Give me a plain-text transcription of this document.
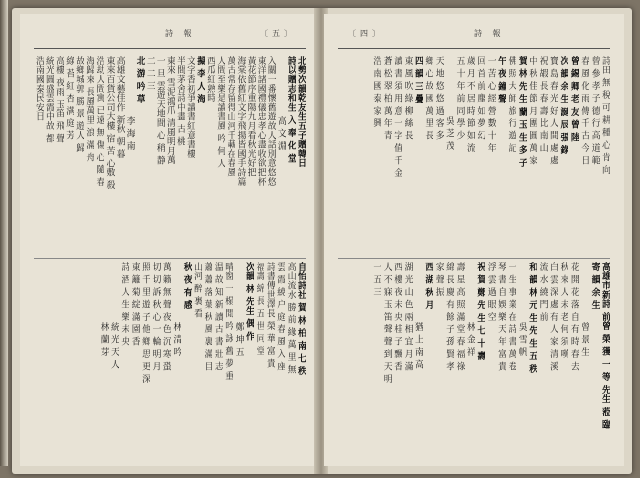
〔五〕
詩 報
北勢次韻乾友生五子贈韓日
詩以贈志和生 入 奉 化 堂
高 文 淵
入關一番懷舊遊故人話別意悠悠
東洋諸國禮儀忠孝心盡收欲把杯
黃花節序重陽九月看秋光好把
海棠依舊紅文字飛揚皆國手詩篇
萬古常存留得山河千載在春風
人間至樂是讀書風 吟 何 人
西瓜紅熟時
擬 李 人 海
文字香初爭讀書紅意書樓
半間茅舍詩中畫 古 桃
東來 雪泥鴻爪 清風明月萬
一 旦 雲遊天地間 心 稍 静
二 二 三
北 游 吟 草
李 海 南
高雄文藝佳作 新秋 朝 暮
東來百貨公司大樓 宿 苦 心敷 殺
浩劫人間寓 已遠 無 傷 心 隨 春
海歸來 長風萬里 浪 滿 舟
故鄉城郭 勝 景 遊人 歸
綠 苔 紅 杏 满 庭 芳
高樓 夜雨 玉笛 飛 聲
統光圓盛雲霞中故 都
浩南國泰民安日
自怡詩社 賀 林 柏 南 七 秩
高山流水 勝 前 緣 萬 里 無
雲 霞 繞 户 庭 春 風 入 座
詩書傳世澤長 榮 華 富 貴
福壽 綿 長 五 世 同 堂
次韻 林 先生 偶 作
鄭 坤 五
晴窗 一 榻 閒 吟 詠 舊 夢 重
温 故 知 新 讀 古 書 壯 志
蕭 蕭 落 葉 秋 風 裏 滿 目
山河 醉 裏 看
秋 夜 有 感
林 清 吟
萬 籟 無 聲 夜 色 沉 寒 蛩
切 切 訴 秋 心 一 輪 明 月
照 千 里 遊 子 他 鄉 思 更 深
東 籬 菊 綻 滿 園 香
詩 酒 人 生 樂 未 央
統 光 天 人
林 蘭 芽
〔四〕	詩 報
詩田 無 稅 可 耕 種 心 肯 向
曾 參 孝 子 德 行 高 道 範
春 風 化 雨 傳 千 古 今 日
曾 錫 卿 老 友 曾 陸
次 韻 余 生 誕 辰 張 錄
寶 島 春 光 好 人 間 處 處
祝 嘏 長 春 壽 比 南 山
中 秋 佳 節 月 團 圓 萬 家
賀 林 先 生 蘭 玉 生 多 子
佛 照 大 師 旅 行 遊 記
午 夜 鐘 聲
一 苦 心 經 營 數 十 年
回 首 前 塵 如 夢 幻
歲 月 不 居 時 節 如 流
五 十 年 前 同 學 少
吳 芝 茂
天 地 悠 悠 過 客 多
鄉 心 故 國 萬 里 長
四 韻 三 疊
東 風 吹 綠 柳 絲 長
讀 書 須 用 意 一 字 值 千 金
蒼 松 翠 柏 萬 年 青
浩 南 國 泰 家 興
高雄市新詩 前曾 榮 獲 一 等 先生 蒞 臨
寄 韻 余 生
曾 景 生
花 開 花 落 自 有 時 春 去
秋 來 人 未 老 何 須 嘆
白 雲 深 處 有 人 家 清 溪
流 水 繞 門 前
和 韻 林 元 生 先 生 五 秩
吳 雪 帆
一 生 事 業 在 詩 書 萬 卷
琴 書 自 娛 樂 天 年 富 貴
浮 雲 過 眼 空
祝 賀 鄭 先 生 七 十 壽
林 金 祥
壽 星 高 照 滿 堂 春 福 祿
綿 長 慶 有 餘 子 孫 賢 孝
家 聲 振
西 湖 秋 月
猶 上 南 高
湖 光 山 色 兩 相 宜 月 滿
西 樓 夜 未 央 桂 子 飄 香
人 不 寐 玉 笛 聲 聲 到 天 明
一 五 三
